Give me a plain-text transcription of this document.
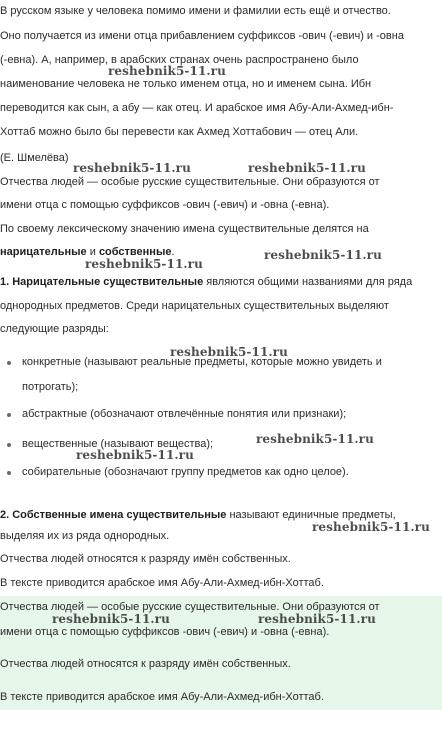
В русском языке у человека помимо имени и фамилии есть ещё и отчество.

Оно получается из имени отца прибавлением суффиксов -ович (-евич) и -овна

(-евна). А, например, в арабских странах очень распространено было

наименование человека не только именем отца, но и именем сына. Ибн

переводится как сын, а абу — как отец. И арабское имя Абу-Али-Ахмед-ибн-

Хоттаб можно было бы перевести как Ахмед Хоттабович — отец Али.

(Е. Шмелёва)

Отчества людей — особые русские существительные. Они образуются от

имени отца с помощью суффиксов -ович (-евич) и -овна (-евна).

По своему лексическому значению имена существительные делятся на

нарицательные и собственные.

1. Нарицательные существительные являются общими названиями для ряда

однородных предметов. Среди нарицательных существительных выделяют

следующие разряды:

конкретные (называют реальные предметы, которые можно увидеть и
потрогать);
абстрактные (обозначают отвлечённые понятия или признаки);
вещественные (называют вещества);
собирательные (обозначают группу предметов как одно целое).

2. Собственные имена существительные называют единичные предметы,

выделяя их из ряда однородных.

Отчества людей относятся к разряду имён собственных.

В тексте приводится арабское имя Абу-Али-Ахмед-ибн-Хоттаб.

Отчества людей — особые русские существительные. Они образуются от

имени отца с помощью суффиксов -ович (-евич) и -овна (-евна).

Отчества людей относятся к разряду имён собственных.

В тексте приводится арабское имя Абу-Али-Ахмед-ибн-Хоттаб.

reshebnik5-11.ru
reshebnik5-11.ru	reshebnik5-11.ru
reshebnik5-11.ru
reshebnik5-11.ru
reshebnik5-11.ru
reshebnik5-11.ru
reshebnik5-11.ru
reshebnik5-11.ru
reshebnik5-11.ru	reshebnik5-11.ru
